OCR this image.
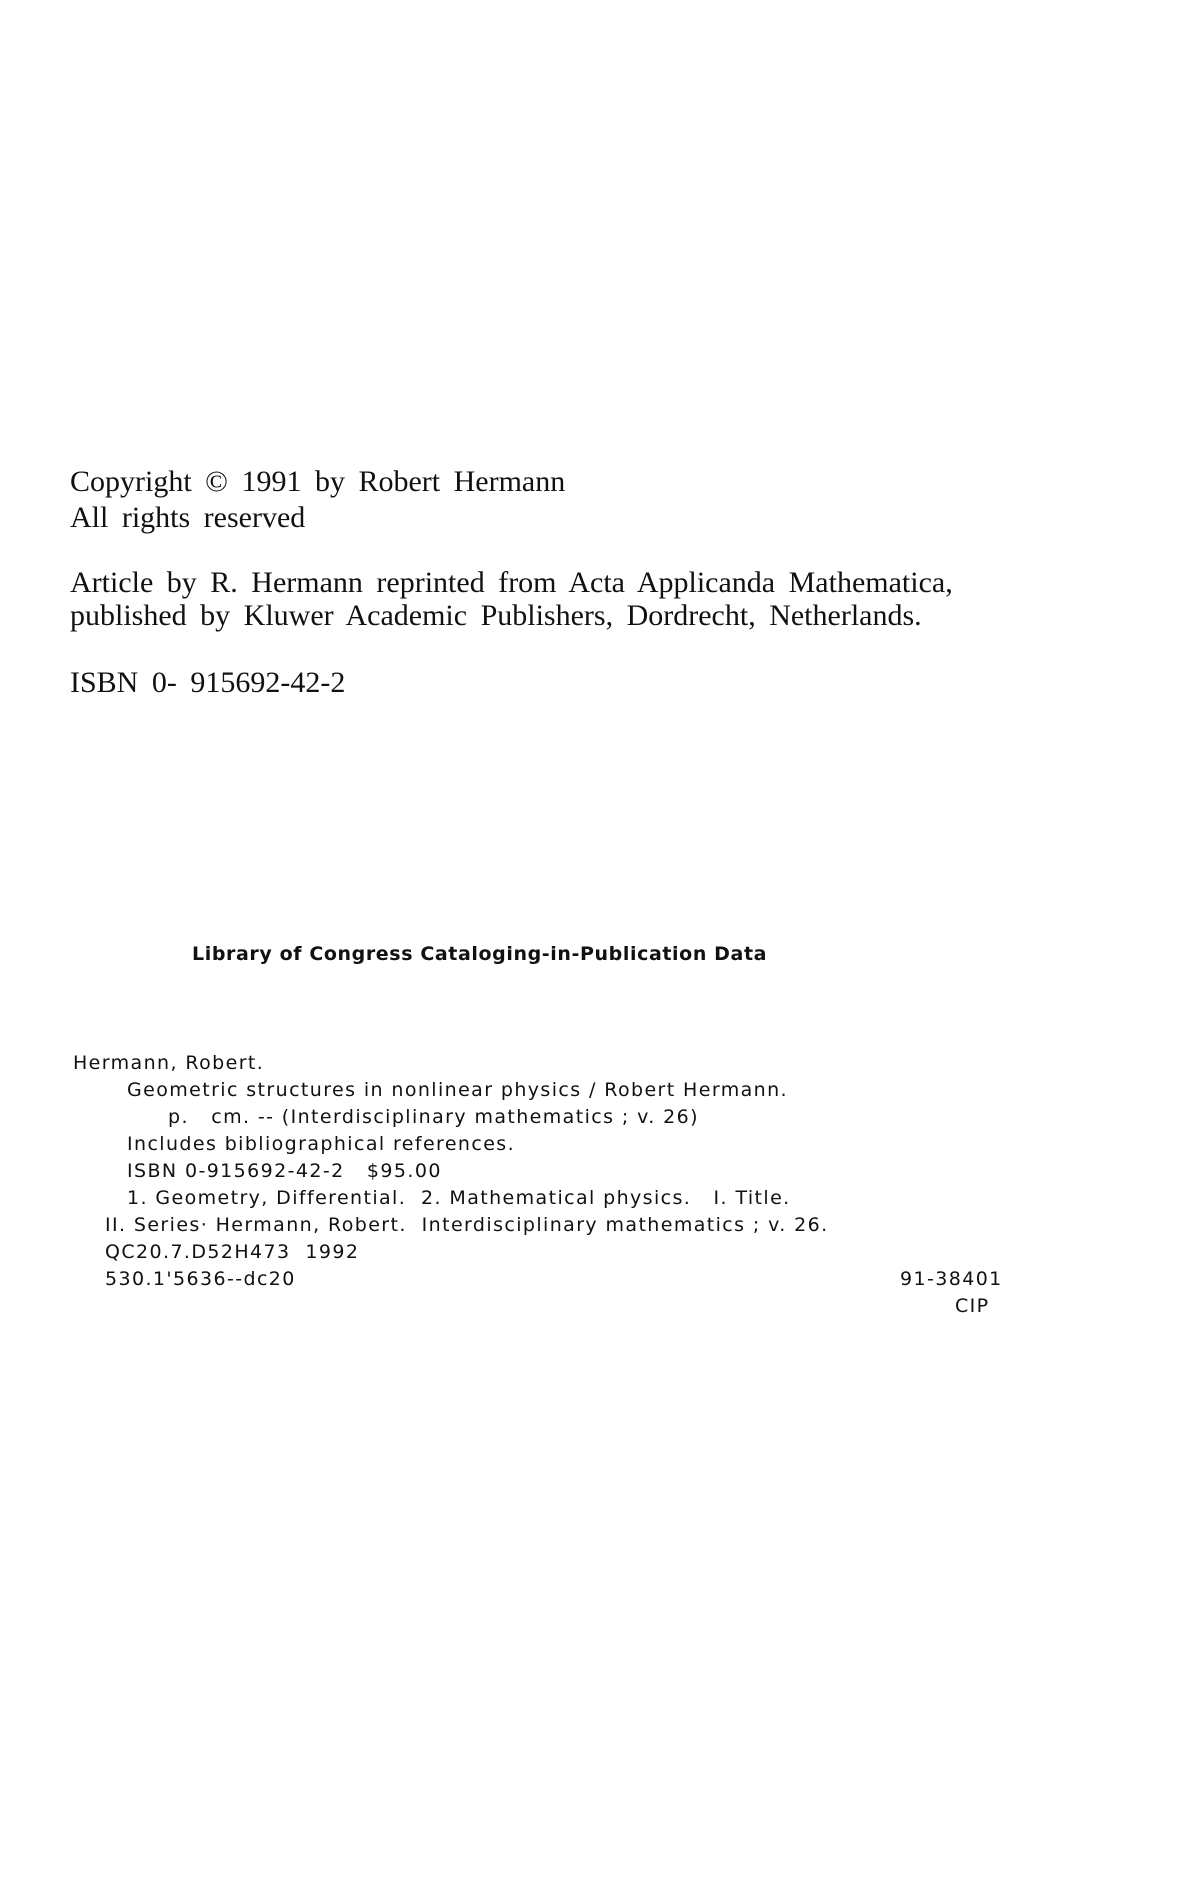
Copyright © 1991 by Robert Hermann
All rights reserved
Article by R. Hermann reprinted from Acta Applicanda Mathematica,
published by Kluwer Academic Publishers, Dordrecht, Netherlands.
ISBN 0- 915692-42-2
Library of Congress Cataloging-in-Publication Data
Hermann, Robert.
Geometric structures in nonlinear physics / Robert Hermann.
p.   cm. -- (Interdisciplinary mathematics ; v. 26)
Includes bibliographical references.
ISBN 0-915692-42-2   $95.00
1. Geometry, Differential.  2. Mathematical physics.   I. Title.
II. Series· Hermann, Robert.  Interdisciplinary mathematics ; v. 26.
QC20.7.D52H473  1992
530.1'5636--dc20	91-38401
CIP
